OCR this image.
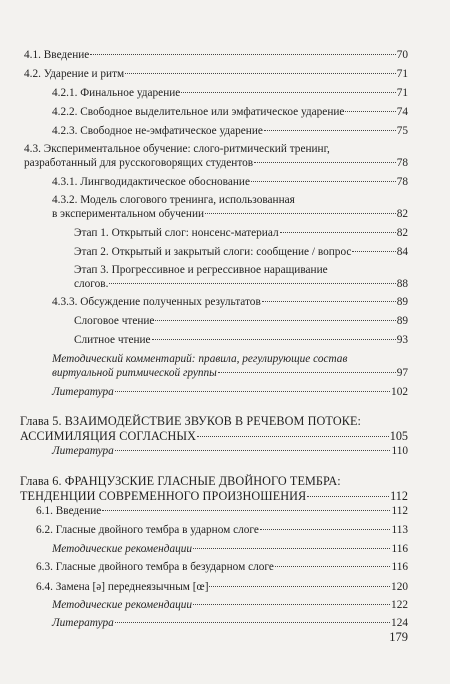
4.1. Введение	70
4.2. Ударение и ритм	71
4.2.1. Финальное ударение	71
4.2.2. Свободное выделительное или эмфатическое ударение	74
4.2.3. Свободное не-эмфатическое ударение	75
4.3. Экспериментальное обучение: слого-ритмический тренинг,
разработанный для русскоговорящих студентов	78
4.3.1. Лингводидактическое обоснование	78
4.3.2. Модель слогового тренинга, использованная
в экспериментальном обучении	82
Этап 1. Открытый слог: нонсенс-материал	82
Этап 2. Открытый и закрытый слоги: сообщение / вопрос	84
Этап 3. Прогрессивное и регрессивное наращивание
слогов.	88
4.3.3. Обсуждение полученных результатов	89
Слоговое чтение	89
Слитное чтение	93
Методический комментарий: правила, регулирующие состав
виртуальной ритмической группы	97
Литература	102
Глава 5. ВЗАИМОДЕЙСТВИЕ ЗВУКОВ В РЕЧЕВОМ ПОТОКЕ:
АССИМИЛЯЦИЯ СОГЛАСНЫХ	105
Литература	110
Глава 6. ФРАНЦУЗСКИЕ ГЛАСНЫЕ ДВОЙНОГО ТЕМБРА:
ТЕНДЕНЦИИ СОВРЕМЕННОГО ПРОИЗНОШЕНИЯ	112
6.1. Введение	112
6.2. Гласные двойного тембра в ударном слоге	113
Методические рекомендации	116
6.3. Гласные двойного тембра в безударном слоге	116
6.4. Замена [ə] переднеязычным [œ]	120
Методические рекомендации	122
Литература	124
179
